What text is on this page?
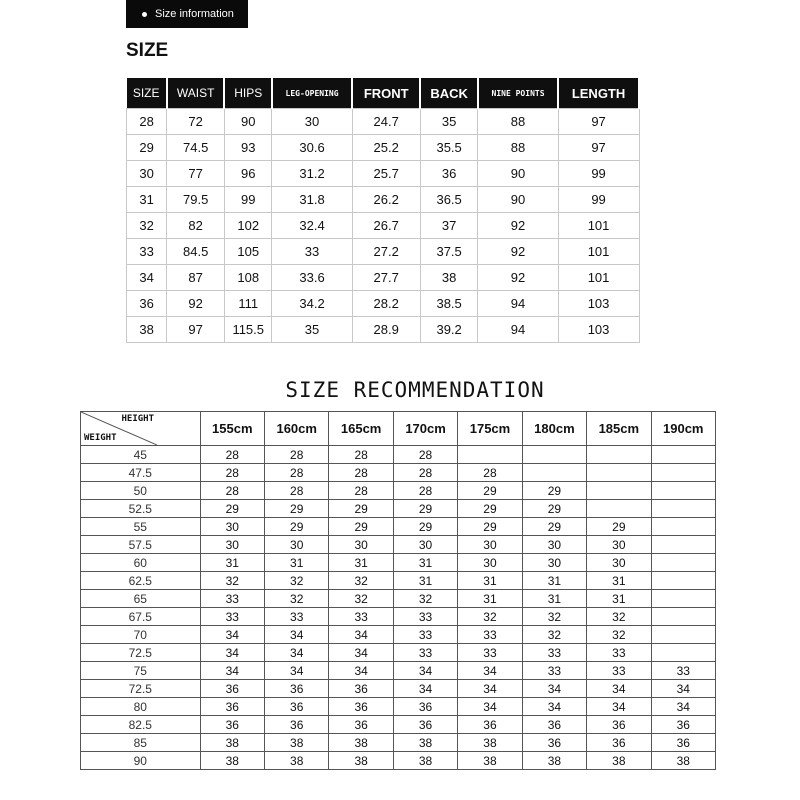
Size information
SIZE
SIZE	WAIST	HIPS	LEG-OPENING	FRONT	BACK	NINE POINTS	LENGTH
28	72	90	30	24.7	35	88	97
29	74.5	93	30.6	25.2	35.5	88	97
30	77	96	31.2	25.7	36	90	99
31	79.5	99	31.8	26.2	36.5	90	99
32	82	102	32.4	26.7	37	92	101
33	84.5	105	33	27.2	37.5	92	101
34	87	108	33.6	27.7	38	92	101
36	92	111	34.2	28.2	38.5	94	103
38	97	115.5	35	28.9	39.2	94	103
SIZE RECOMMENDATION
HEIGHT
WEIGHT	155cm	160cm	165cm	170cm	175cm	180cm	185cm	190cm
45	28	28	28	28				
47.5	28	28	28	28	28			
50	28	28	28	28	29	29		
52.5	29	29	29	29	29	29		
55	30	29	29	29	29	29	29	
57.5	30	30	30	30	30	30	30	
60	31	31	31	31	30	30	30	
62.5	32	32	32	31	31	31	31	
65	33	32	32	32	31	31	31	
67.5	33	33	33	33	32	32	32	
70	34	34	34	33	33	32	32	
72.5	34	34	34	33	33	33	33	
75	34	34	34	34	34	33	33	33
72.5	36	36	36	34	34	34	34	34
80	36	36	36	36	34	34	34	34
82.5	36	36	36	36	36	36	36	36
85	38	38	38	38	38	36	36	36
90	38	38	38	38	38	38	38	38
